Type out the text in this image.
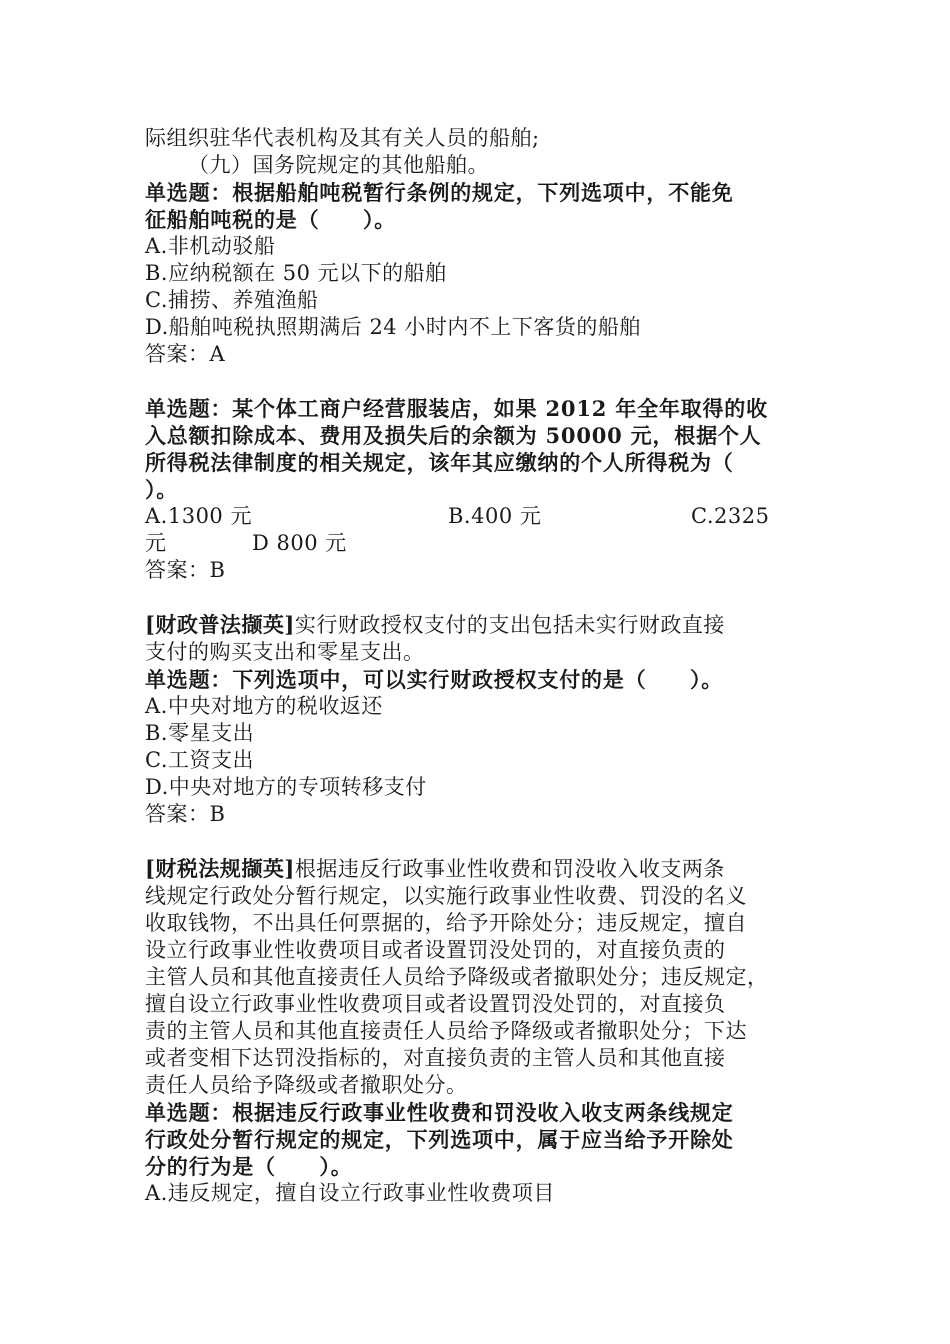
际组织驻华代表机构及其有关人员的船舶;
（九）国务院规定的其他船舶。
单选题：根据船舶吨税暂行条例的规定，下列选项中，不能免
征船舶吨税的是（　　）。
A.非机动驳船
B.应纳税额在 50 元以下的船舶
C.捕捞、养殖渔船
D.船舶吨税执照期满后 24 小时内不上下客货的船舶
答案：A
单选题：某个体工商户经营服装店，如果 2012 年全年取得的收
入总额扣除成本、费用及损失后的余额为 50000 元，根据个人
所得税法律制度的相关规定，该年其应缴纳的个人所得税为（
）。
A.1300 元	B.400 元	C.2325
元	D 800 元
答案：B
[财政普法撷英]实行财政授权支付的支出包括未实行财政直接
支付的购买支出和零星支出。
单选题：下列选项中，可以实行财政授权支付的是（　　）。
A.中央对地方的税收返还
B.零星支出
C.工资支出
D.中央对地方的专项转移支付
答案：B
[财税法规撷英]根据违反行政事业性收费和罚没收入收支两条
线规定行政处分暂行规定，以实施行政事业性收费、罚没的名义
收取钱物，不出具任何票据的，给予开除处分；违反规定，擅自
设立行政事业性收费项目或者设置罚没处罚的，对直接负责的
主管人员和其他直接责任人员给予降级或者撤职处分；违反规定，
擅自设立行政事业性收费项目或者设置罚没处罚的，对直接负
责的主管人员和其他直接责任人员给予降级或者撤职处分；下达
或者变相下达罚没指标的，对直接负责的主管人员和其他直接
责任人员给予降级或者撤职处分。
单选题：根据违反行政事业性收费和罚没收入收支两条线规定
行政处分暂行规定的规定，下列选项中，属于应当给予开除处
分的行为是（　　）。
A.违反规定，擅自设立行政事业性收费项目
